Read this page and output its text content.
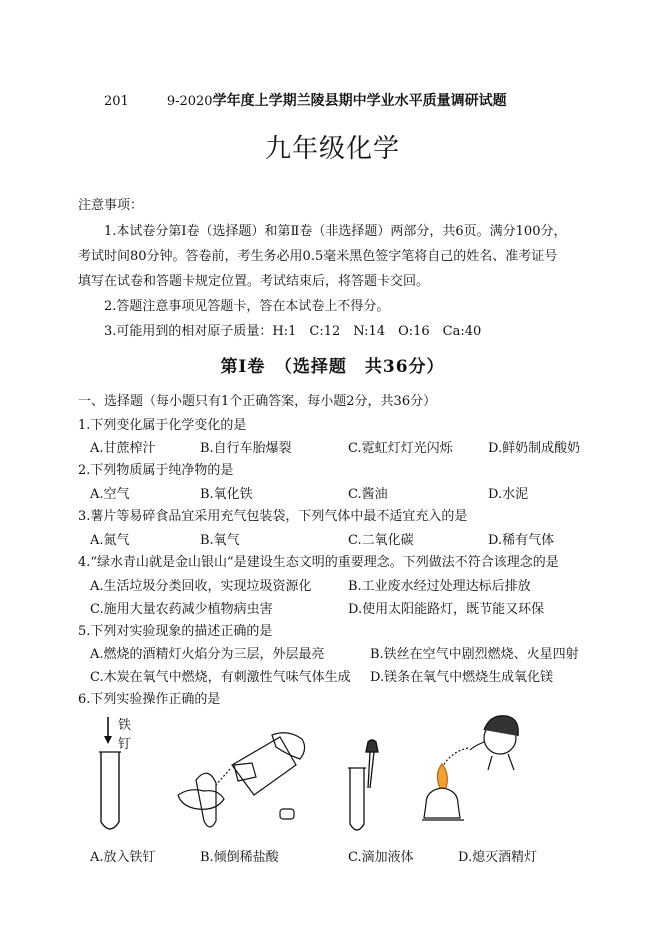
201	9-2020学年度上学期兰陵县期中学业水平质量调研试题
九年级化学
注意事项：
1.本试卷分第Ⅰ卷（选择题）和第Ⅱ卷（非选择题）两部分，共6页。满分100分，
考试时间80分钟。答卷前，考生务必用0.5毫米黑色签字笔将自己的姓名、准考证号
填写在试卷和答题卡规定位置。考试结束后，将答题卡交回。
2.答题注意事项见答题卡，答在本试卷上不得分。
3.可能用到的相对原子质量：H:1　C:12　N:14　O:16　Ca:40
第Ⅰ卷　（选择题　共36分）
一、选择题（每小题只有1个正确答案，每小题2分，共36分）
1.下列变化属于化学变化的是
A.甘蔗榨汁	B.自行车胎爆裂	C.霓虹灯灯光闪烁	D.鲜奶制成酸奶
2.下列物质属于纯净物的是
A.空气	B.氧化铁	C.酱油	D.水泥
3.薯片等易碎食品宜采用充气包装袋，下列气体中最不适宜充入的是
A.氮气	B.氧气	C.二氧化碳	D.稀有气体
4.“绿水青山就是金山银山”是建设生态文明的重要理念。下列做法不符合该理念的是
A.生活垃圾分类回收，实现垃圾资源化	B.工业废水经过处理达标后排放
C.施用大量农药减少植物病虫害	D.使用太阳能路灯，既节能又环保
5.下列对实验现象的描述正确的是
A.燃烧的酒精灯火焰分为三层，外层最亮	B.铁丝在空气中剧烈燃烧、火星四射
C.木炭在氧气中燃烧，有刺激性气味气体生成 D.镁条在氧气中燃烧生成氧化镁
6.下列实验操作正确的是
铁
钉
A.放入铁钉	B.倾倒稀盐酸	C.滴加液体	D.熄灭酒精灯
